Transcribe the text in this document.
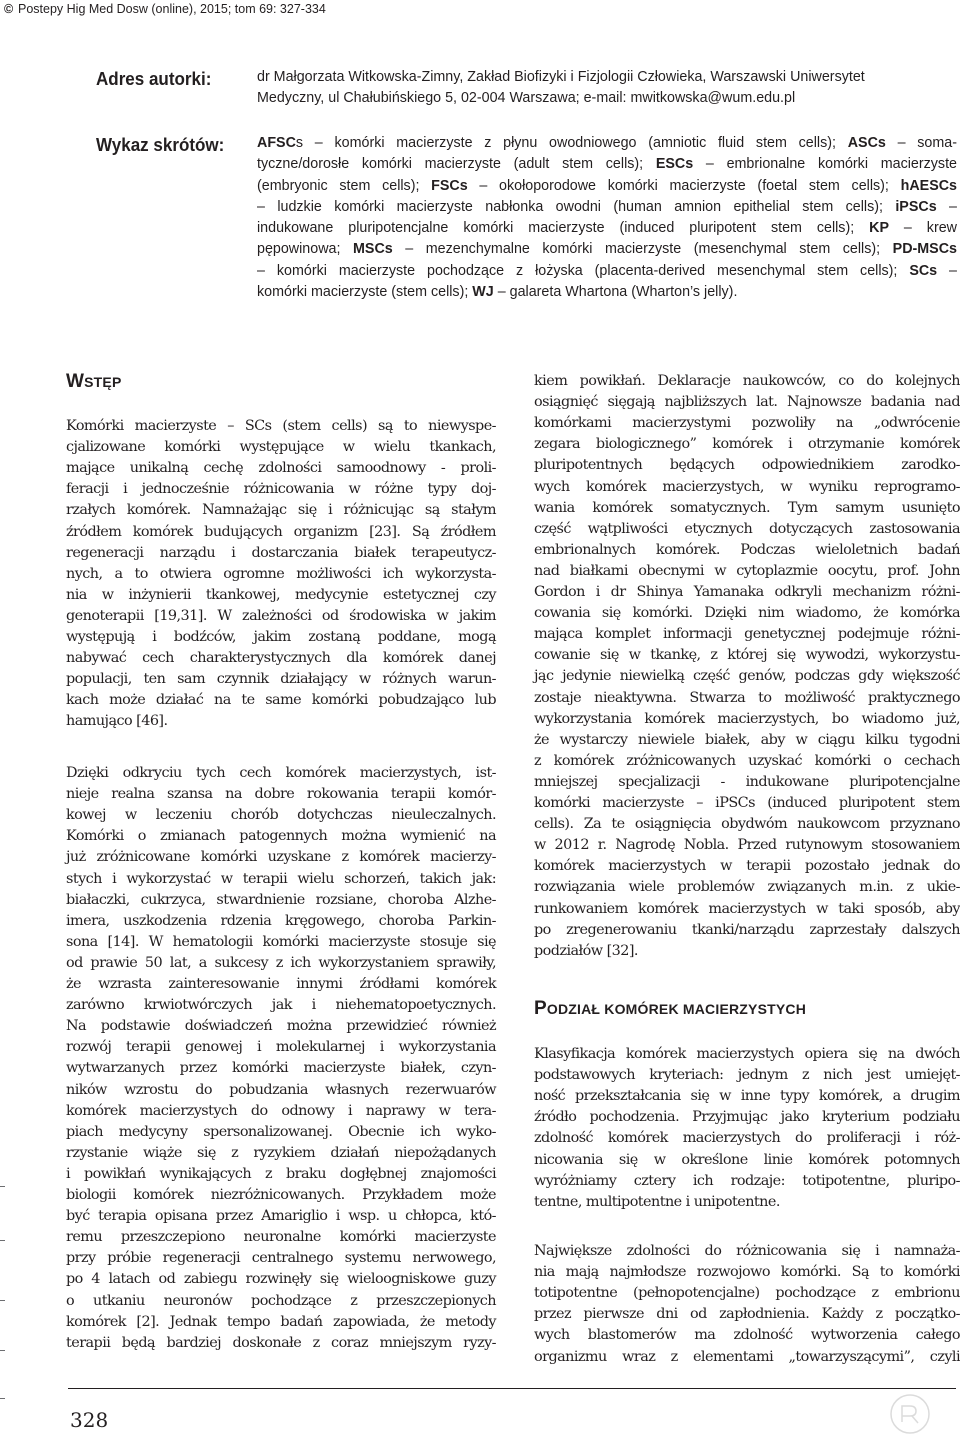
© Postepy Hig Med Dosw (online), 2015; tom 69: 327-334
Adres autorki:	dr Małgorzata Witkowska-Zimny, Zakład Biofizyki i Fizjologii Człowieka, Warszawski Uniwersytet
Medyczny, ul Chałubińskiego 5, 02-004 Warszawa; e-mail: mwitkowska@wum.edu.pl
Wykaz skrótów: AFSCs – komórki macierzyste z płynu owodniowego (amniotic fluid stem cells); ASCs – soma-
tyczne/dorosłe komórki macierzyste (adult stem cells); ESCs – embrionalne komórki macierzyste
(embryonic stem cells); FSCs – okołoporodowe komórki macierzyste (foetal stem cells); hAESCs
– ludzkie komórki macierzyste nabłonka owodni (human amnion epithelial stem cells); iPSCs –
indukowane pluripotencjalne komórki macierzyste (induced pluripotent stem cells); KP – krew
pępowinowa; MSCs – mezenchymalne komórki macierzyste (mesenchymal stem cells); PD-MSCs
– komórki macierzyste pochodzące z łożyska (placenta-derived mesenchymal stem cells); SCs –
komórki macierzyste (stem cells); WJ – galareta Whartona (Wharton’s jelly).
WSTĘP
Komórki macierzyste – SCs (stem cells) są to niewyspe-
cjalizowane komórki występujące w wielu tkankach,
mające unikalną cechę zdolności samoodnowy - proli-
feracji i jednocześnie różnicowania w różne typy doj-
rzałych komórek. Namnażając się i różnicując są stałym
źródłem komórek budujących organizm [23]. Są źródłem
regeneracji narządu i dostarczania białek terapeutycz-
nych, a to otwiera ogromne możliwości ich wykorzysta-
nia w inżynierii tkankowej, medycynie estetycznej czy
genoterapii [19,31]. W zależności od środowiska w jakim
występują i bodźców, jakim zostaną poddane, mogą
nabywać cech charakterystycznych dla komórek danej
populacji, ten sam czynnik działający w różnych warun-
kach może działać na te same komórki pobudzająco lub
hamująco [46].
Dzięki odkryciu tych cech komórek macierzystych, ist-
nieje realna szansa na dobre rokowania terapii komór-
kowej w leczeniu chorób dotychczas nieuleczalnych.
Komórki o zmianach patogennych można wymienić na
już zróżnicowane komórki uzyskane z komórek macierzy-
stych i wykorzystać w terapii wielu schorzeń, takich jak:
białaczki, cukrzyca, stwardnienie rozsiane, choroba Alzhe-
imera, uszkodzenia rdzenia kręgowego, choroba Parkin-
sona [14]. W hematologii komórki macierzyste stosuje się
od prawie 50 lat, a sukcesy z ich wykorzystaniem sprawiły,
że wzrasta zainteresowanie innymi źródłami komórek
zarówno krwiotwórczych jak i niehematopoetycznych.
Na podstawie doświadczeń można przewidzieć również
rozwój terapii genowej i molekularnej i wykorzystania
wytwarzanych przez komórki macierzyste białek, czyn-
ników wzrostu do pobudzania własnych rezerwuarów
komórek macierzystych do odnowy i naprawy w tera-
piach medycyny spersonalizowanej. Obecnie ich wyko-
rzystanie wiąże się z ryzykiem działań niepożądanych
i powikłań wynikających z braku dogłębnej znajomości
biologii komórek niezróżnicowanych. Przykładem może
być terapia opisana przez Amariglio i wsp. u chłopca, któ-
remu przeszczepiono neuronalne komórki macierzyste
przy próbie regeneracji centralnego systemu nerwowego,
po 4 latach od zabiegu rozwinęły się wieloogniskowe guzy
o utkaniu neuronów pochodzące z przeszczepionych
komórek [2]. Jednak tempo badań zapowiada, że metody
terapii będą bardziej doskonałe z coraz mniejszym ryzy-
PODZIAŁ KOMÓREK MACIERZYSTYCH
kiem powikłań. Deklaracje naukowców, co do kolejnych
osiągnięć sięgają najbliższych lat. Najnowsze badania nad
komórkami macierzystymi pozwoliły na „odwrócenie
zegara biologicznego” komórek i otrzymanie komórek
pluripotentnych będących odpowiednikiem zarodko-
wych komórek macierzystych, w wyniku reprogramo-
wania komórek somatycznych. Tym samym usunięto
część wątpliwości etycznych dotyczących zastosowania
embrionalnych komórek. Podczas wieloletnich badań
nad białkami obecnymi w cytoplazmie oocytu, prof. John
Gordon i dr Shinya Yamanaka odkryli mechanizm różni-
cowania się komórki. Dzięki nim wiadomo, że komórka
mająca komplet informacji genetycznej podejmuje różni-
cowanie się w tkankę, z której się wywodzi, wykorzystu-
jąc jedynie niewielką część genów, podczas gdy większość
zostaje nieaktywna. Stwarza to możliwość praktycznego
wykorzystania komórek macierzystych, bo wiadomo już,
że wystarczy niewiele białek, aby w ciągu kilku tygodni
z komórek zróżnicowanych uzyskać komórki o cechach
mniejszej specjalizacji - indukowane pluripotencjalne
komórki macierzyste – iPSCs (induced pluripotent stem
cells). Za te osiągnięcia obydwóm naukowcom przyznano
w 2012 r. Nagrodę Nobla. Przed rutynowym stosowaniem
komórek macierzystych w terapii pozostało jednak do
rozwiązania wiele problemów związanych m.in. z ukie-
runkowaniem komórek macierzystych w taki sposób, aby
po zregenerowaniu tkanki/narządu zaprzestały dalszych
podziałów [32].
Klasyfikacja komórek macierzystych opiera się na dwóch
podstawowych kryteriach: jednym z nich jest umiejęt-
ność przekształcania się w inne typy komórek, a drugim
źródło pochodzenia. Przyjmując jako kryterium podziału
zdolność komórek macierzystych do proliferacji i róż-
nicowania się w określone linie komórek potomnych
wyróżniamy cztery ich rodzaje: totipotentne, pluripo-
tentne, multipotentne i unipotentne.
Największe zdolności do różnicowania się i namnaża-
nia mają najmłodsze rozwojowo komórki. Są to komórki
totipotentne (pełnopotencjalne) pochodzące z embrionu
przez pierwsze dni od zapłodnienia. Każdy z początko-
wych blastomerów ma zdolność wytworzenia całego
organizmu wraz z elementami „towarzyszącymi”, czyli
328
